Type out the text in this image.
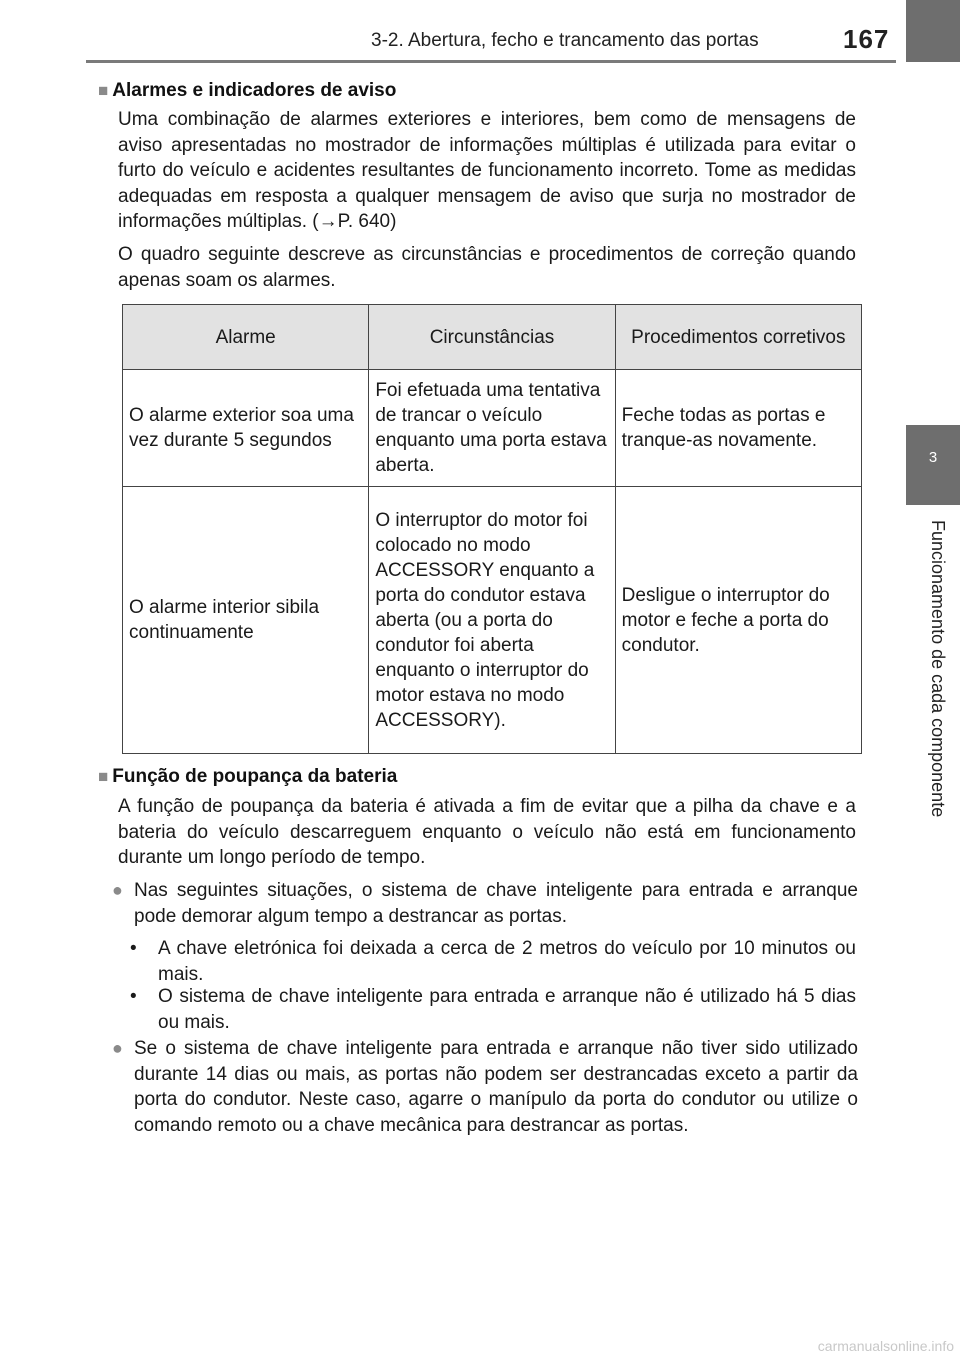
3-2. Abertura, fecho e trancamento das portas	167
3
Funcionamento de cada componente
■ Alarmes e indicadores de aviso
Uma combinação de alarmes exteriores e interiores, bem como de mensagens de aviso apresentadas no mostrador de informações múltiplas é utilizada para evitar o furto do veículo e acidentes resultantes de funcionamento incorreto. Tome as medidas adequadas em resposta a qualquer mensagem de aviso que surja no mostrador de informações múltiplas. (→P. 640)
O quadro seguinte descreve as circunstâncias e procedimentos de correção quando apenas soam os alarmes.
Alarme	Circunstâncias	Procedimentos corretivos
O alarme exterior soa uma vez durante 5 segundos	Foi efetuada uma tentativa de trancar o veículo enquanto uma porta estava aberta.	Feche todas as portas e tranque-as novamente.
O alarme interior sibila continuamente	O interruptor do motor foi colocado no modo ACCESSORY enquanto a porta do condutor estava aberta (ou a porta do condutor foi aberta enquanto o interruptor do motor estava no modo ACCESSORY).	Desligue o interruptor do motor e feche a porta do condutor.
■ Função de poupança da bateria
A função de poupança da bateria é ativada a fim de evitar que a pilha da chave e a bateria do veículo descarreguem enquanto o veículo não está em funcionamento durante um longo período de tempo.
● Nas seguintes situações, o sistema de chave inteligente para entrada e arranque pode demorar algum tempo a destrancar as portas.
• A chave eletrónica foi deixada a cerca de 2 metros do veículo por 10 minutos ou mais.
• O sistema de chave inteligente para entrada e arranque não é utilizado há 5 dias ou mais.
● Se o sistema de chave inteligente para entrada e arranque não tiver sido utilizado durante 14 dias ou mais, as portas não podem ser destrancadas exceto a partir da porta do condutor. Neste caso, agarre o manípulo da porta do condutor ou utilize o comando remoto ou a chave mecânica para destrancar as portas.
carmanualsonline.info
